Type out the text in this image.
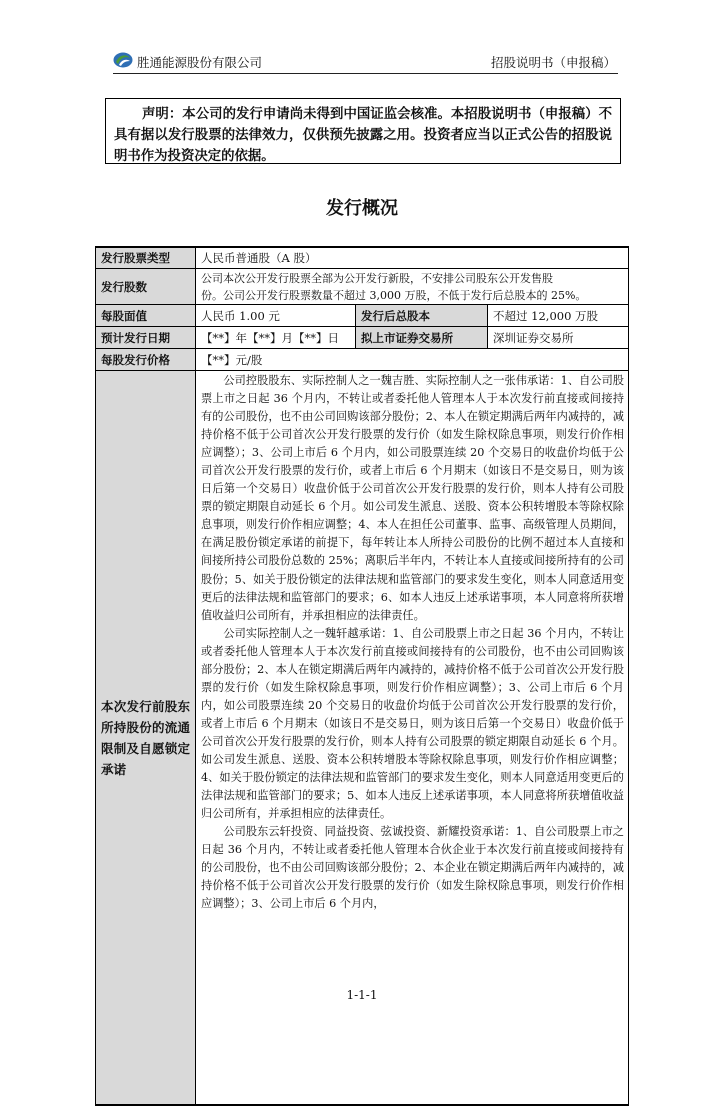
胜通能源股份有限公司	招股说明书（申报稿）
声明：本公司的发行申请尚未得到中国证监会核准。本招股说明书（申报稿）不具有据以发行股票的法律效力，仅供预先披露之用。投资者应当以正式公告的招股说明书作为投资决定的依据。
发行概况
发行股票类型	人民币普通股（A 股）		
发行股数	公司本次公开发行股票全部为公开发行新股，不安排公司股东公开发售股
份。公司公开发行股票数量不超过 3,000 万股，不低于发行后总股本的 25%。		

每股面值	人民币 1.00 元	发行后总股本	不超过 12,000 万股
预计发行日期	【**】年【**】月【**】日	拟上市证券交易所	深圳证券交易所
每股发行价格	【**】元/股		
本次发行前股东所持股份的流通限制及自愿锁定承诺	公司控股股东、实际控制人之一魏吉胜、实际控制人之一张伟承诺：1、自公司股票上市之日起 36 个月内，不转让或者委托他人管理本人于本次发行前直接或间接持有的公司股份，也不由公司回购该部分股份；2、本人在锁定期满后两年内减持的，减持价格不低于公司首次公开发行股票的发行价（如发生除权除息事项，则发行价作相应调整）；3、公司上市后 6 个月内，如公司股票连续 20 个交易日的收盘价均低于公司首次公开发行股票的发行价，或者上市后 6 个月期末（如该日不是交易日，则为该日后第一个交易日）收盘价低于公司首次公开发行股票的发行价，则本人持有公司股票的锁定期限自动延长 6 个月。如公司发生派息、送股、资本公积转增股本等除权除息事项，则发行价作相应调整；4、本人在担任公司董事、监事、高级管理人员期间，在满足股份锁定承诺的前提下，每年转让本人所持公司股份的比例不超过本人直接和间接所持公司股份总数的 25%；离职后半年内，不转让本人直接或间接所持有的公司股份；5、如关于股份锁定的法律法规和监管部门的要求发生变化，则本人同意适用变更后的法律法规和监管部门的要求；6、如本人违反上述承诺事项，本人同意将所获增值收益归公司所有，并承担相应的法律责任。

公司实际控制人之一魏轩越承诺：1、自公司股票上市之日起 36 个月内，不转让或者委托他人管理本人于本次发行前直接或间接持有的公司股份，也不由公司回购该部分股份；2、本人在锁定期满后两年内减持的，减持价格不低于公司首次公开发行股票的发行价（如发生除权除息事项，则发行价作相应调整）；3、公司上市后 6 个月内，如公司股票连续 20 个交易日的收盘价均低于公司首次公开发行股票的发行价，或者上市后 6 个月期末（如该日不是交易日，则为该日后第一个交易日）收盘价低于公司首次公开发行股票的发行价，则本人持有公司股票的锁定期限自动延长 6 个月。如公司发生派息、送股、资本公积转增股本等除权除息事项，则发行价作相应调整；4、如关于股份锁定的法律法规和监管部门的要求发生变化，则本人同意适用变更后的法律法规和监管部门的要求；5、如本人违反上述承诺事项，本人同意将所获增值收益归公司所有，并承担相应的法律责任。

公司股东云轩投资、同益投资、弦诚投资、新耀投资承诺：1、自公司股票上市之日起 36 个月内，不转让或者委托他人管理本合伙企业于本次发行前直接或间接持有的公司股份，也不由公司回购该部分股份；2、本企业在锁定期满后两年内减持的，减持价格不低于公司首次公开发行股票的发行价（如发生除权除息事项，则发行价作相应调整）；3、公司上市后 6 个月内，		

1-1-1
